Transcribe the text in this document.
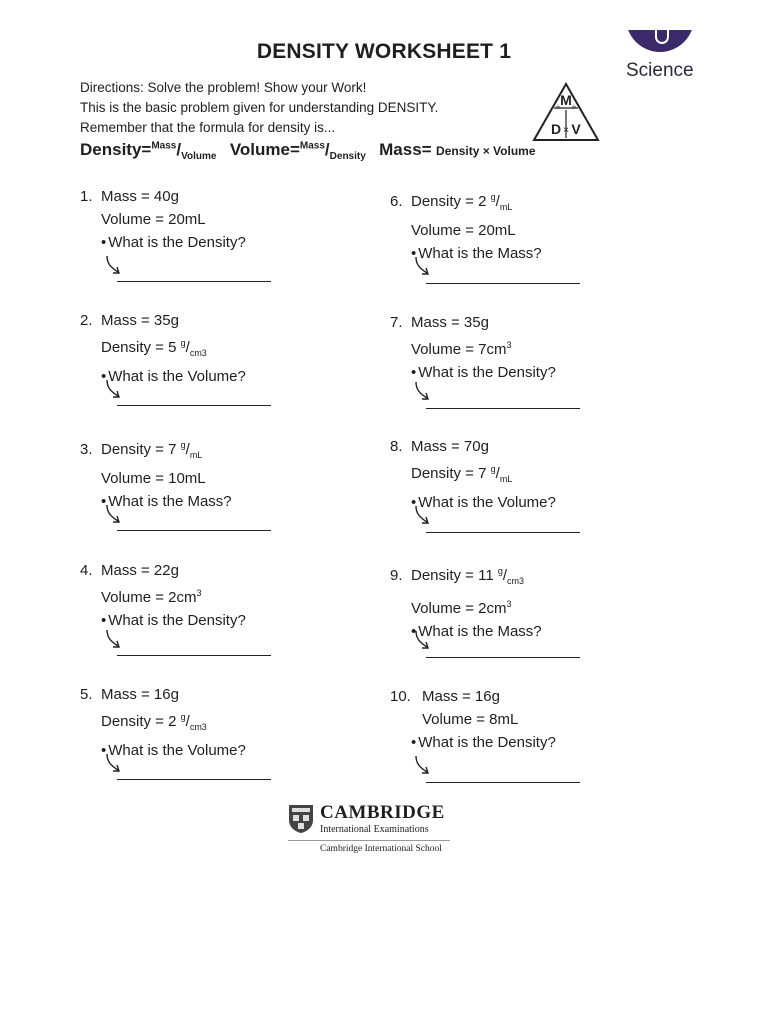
DENSITY WORKSHEET 1
Science
Directions: Solve the problem! Show your Work!
This is the basic problem given for understanding DENSITY.
Remember that the formula for density is...
M
÷ ÷
D × V
$Density=^{Mass}/_{Volume}$ $Volume=^{Mass}/_{Density}$ Mass= Density × Volume
1. Mass = 40g
Volume = 20mL
• What is the Density?
2. Mass = 35g
Density = 5 $^g/_{cm3}$
• What is the Volume?
3. Density = 7 $^g/_{mL}$
Volume = 10mL
• What is the Mass?
4. Mass = 22g
Volume = $2cm^3$
• What is the Density?
5. Mass = 16g
Density = 2 $^g/_{cm3}$
• What is the Volume?
6. Density = 2 $^g/_{mL}$
Volume = 20mL
• What is the Mass?
7. Mass = 35g
Volume = $7cm^3$
• What is the Density?
8. Mass = 70g
Density = 7 $^g/_{mL}$
• What is the Volume?
9. Density = 11 $^g/_{cm3}$
Volume = $2cm^3$
• What is the Mass?
10. Mass = 16g
Volume = 8mL
• What is the Density?
CAMBRIDGE
International Examinations
Cambridge International School
